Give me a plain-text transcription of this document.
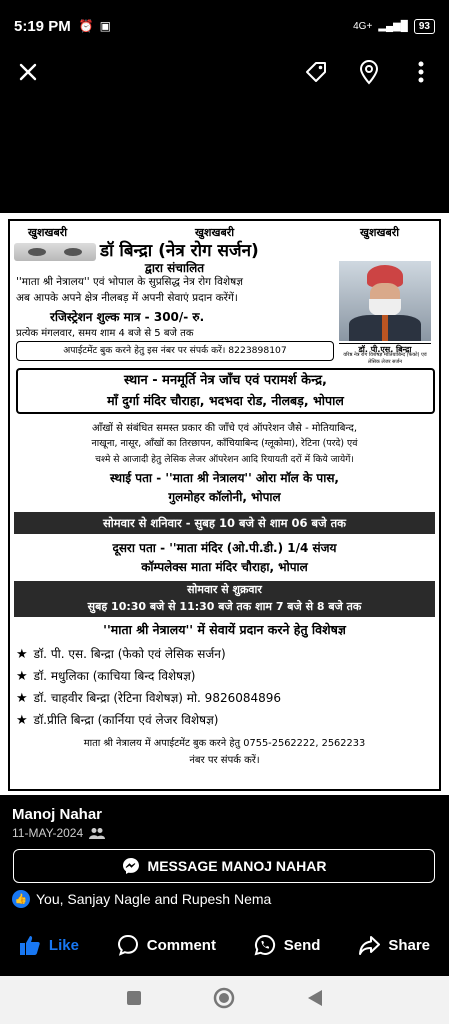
5:19 PM ⏰ ▣	4G+ ▂▄▆█	93
खुशखबरी	खुशखबरी	खुशखबरी
डॉ बिन्द्रा (नेत्र रोग सर्जन)
द्वारा संचालित
डॉ. पी.एस. बिन्द्रा
वरिष्ठ नेत्र रोग विशेषज्ञ मोतियाबिन्द (फेको) एवं लेसिक लेजर सर्जन
''माता श्री नेत्रालय'' एवं भोपाल के सुप्रसिद्ध नेत्र रोग विशेषज्ञ
अब आपके अपने क्षेत्र नीलबड़ में अपनी सेवाएं प्रदान करेंगें।
रजिस्ट्रेशन शुल्क मात्र - 300/- रु.
प्रत्येक मंगलवार, समय शाम 4 बजे से 5 बजे तक
अपाईटमेंट बुक करने हेतु इस नंबर पर संपर्क करें। 8223898107
स्थान - मनमूर्ति नेत्र जाँच एवं परामर्श केन्द्र,
माँ दुर्गा मंदिर चौराहा, भदभदा रोड, नीलबड़, भोपाल
आँखों से संबंधित समस्त प्रकार की जाँचे एवं ऑपरेशन जैसे - मोतियाबिन्द,
नाखूना, नासूर, आँखों का तिरछापन, काँचियाबिन्द (ग्लूकोमा), रेटिना (परदे) एवं
चश्मे से आजादी हेतु लेसिक लेजर ऑपरेशन आदि रियायती दरों में किये जायेगें।
स्थाई पता - ''माता श्री नेत्रालय'' ओरा मॉल के पास,
गुलमोहर कॉलोनी, भोपाल
सोमवार से शनिवार - सुबह 10 बजे से शाम 06 बजे तक
दूसरा पता - ''माता मंदिर (ओ.पी.डी.) 1/4 संजय
कॉम्पलेक्स माता मंदिर चौराहा, भोपाल
सोमवार से शुक्रवार
सुबह 10:30 बजे से 11:30 बजे तक शाम 7 बजे से 8 बजे तक
''माता श्री नेत्रालय'' में सेवायें प्रदान करने हेतु विशेषज्ञ
★ डॉ. पी. एस. बिन्द्रा (फेको एवं लेसिक सर्जन)
★ डॉ. मधुलिका (काचिया बिन्द विशेषज्ञ)
★ डॉ. चाहवीर बिन्द्रा (रेटिना विशेषज्ञ) मो. 9826084896
★ डॉ.प्रीति बिन्द्रा (कार्निया एवं लेजर विशेषज्ञ)
माता श्री नेत्रालय में अपाईटमेंट बुक करने हेतु 0755-2562222, 2562233
नंबर पर संपर्क करें।
Manoj Nahar
11-MAY-2024
MESSAGE MANOJ NAHAR
👍 You, Sanjay Nagle and Rupesh Nema
Like	Comment	Send	Share
